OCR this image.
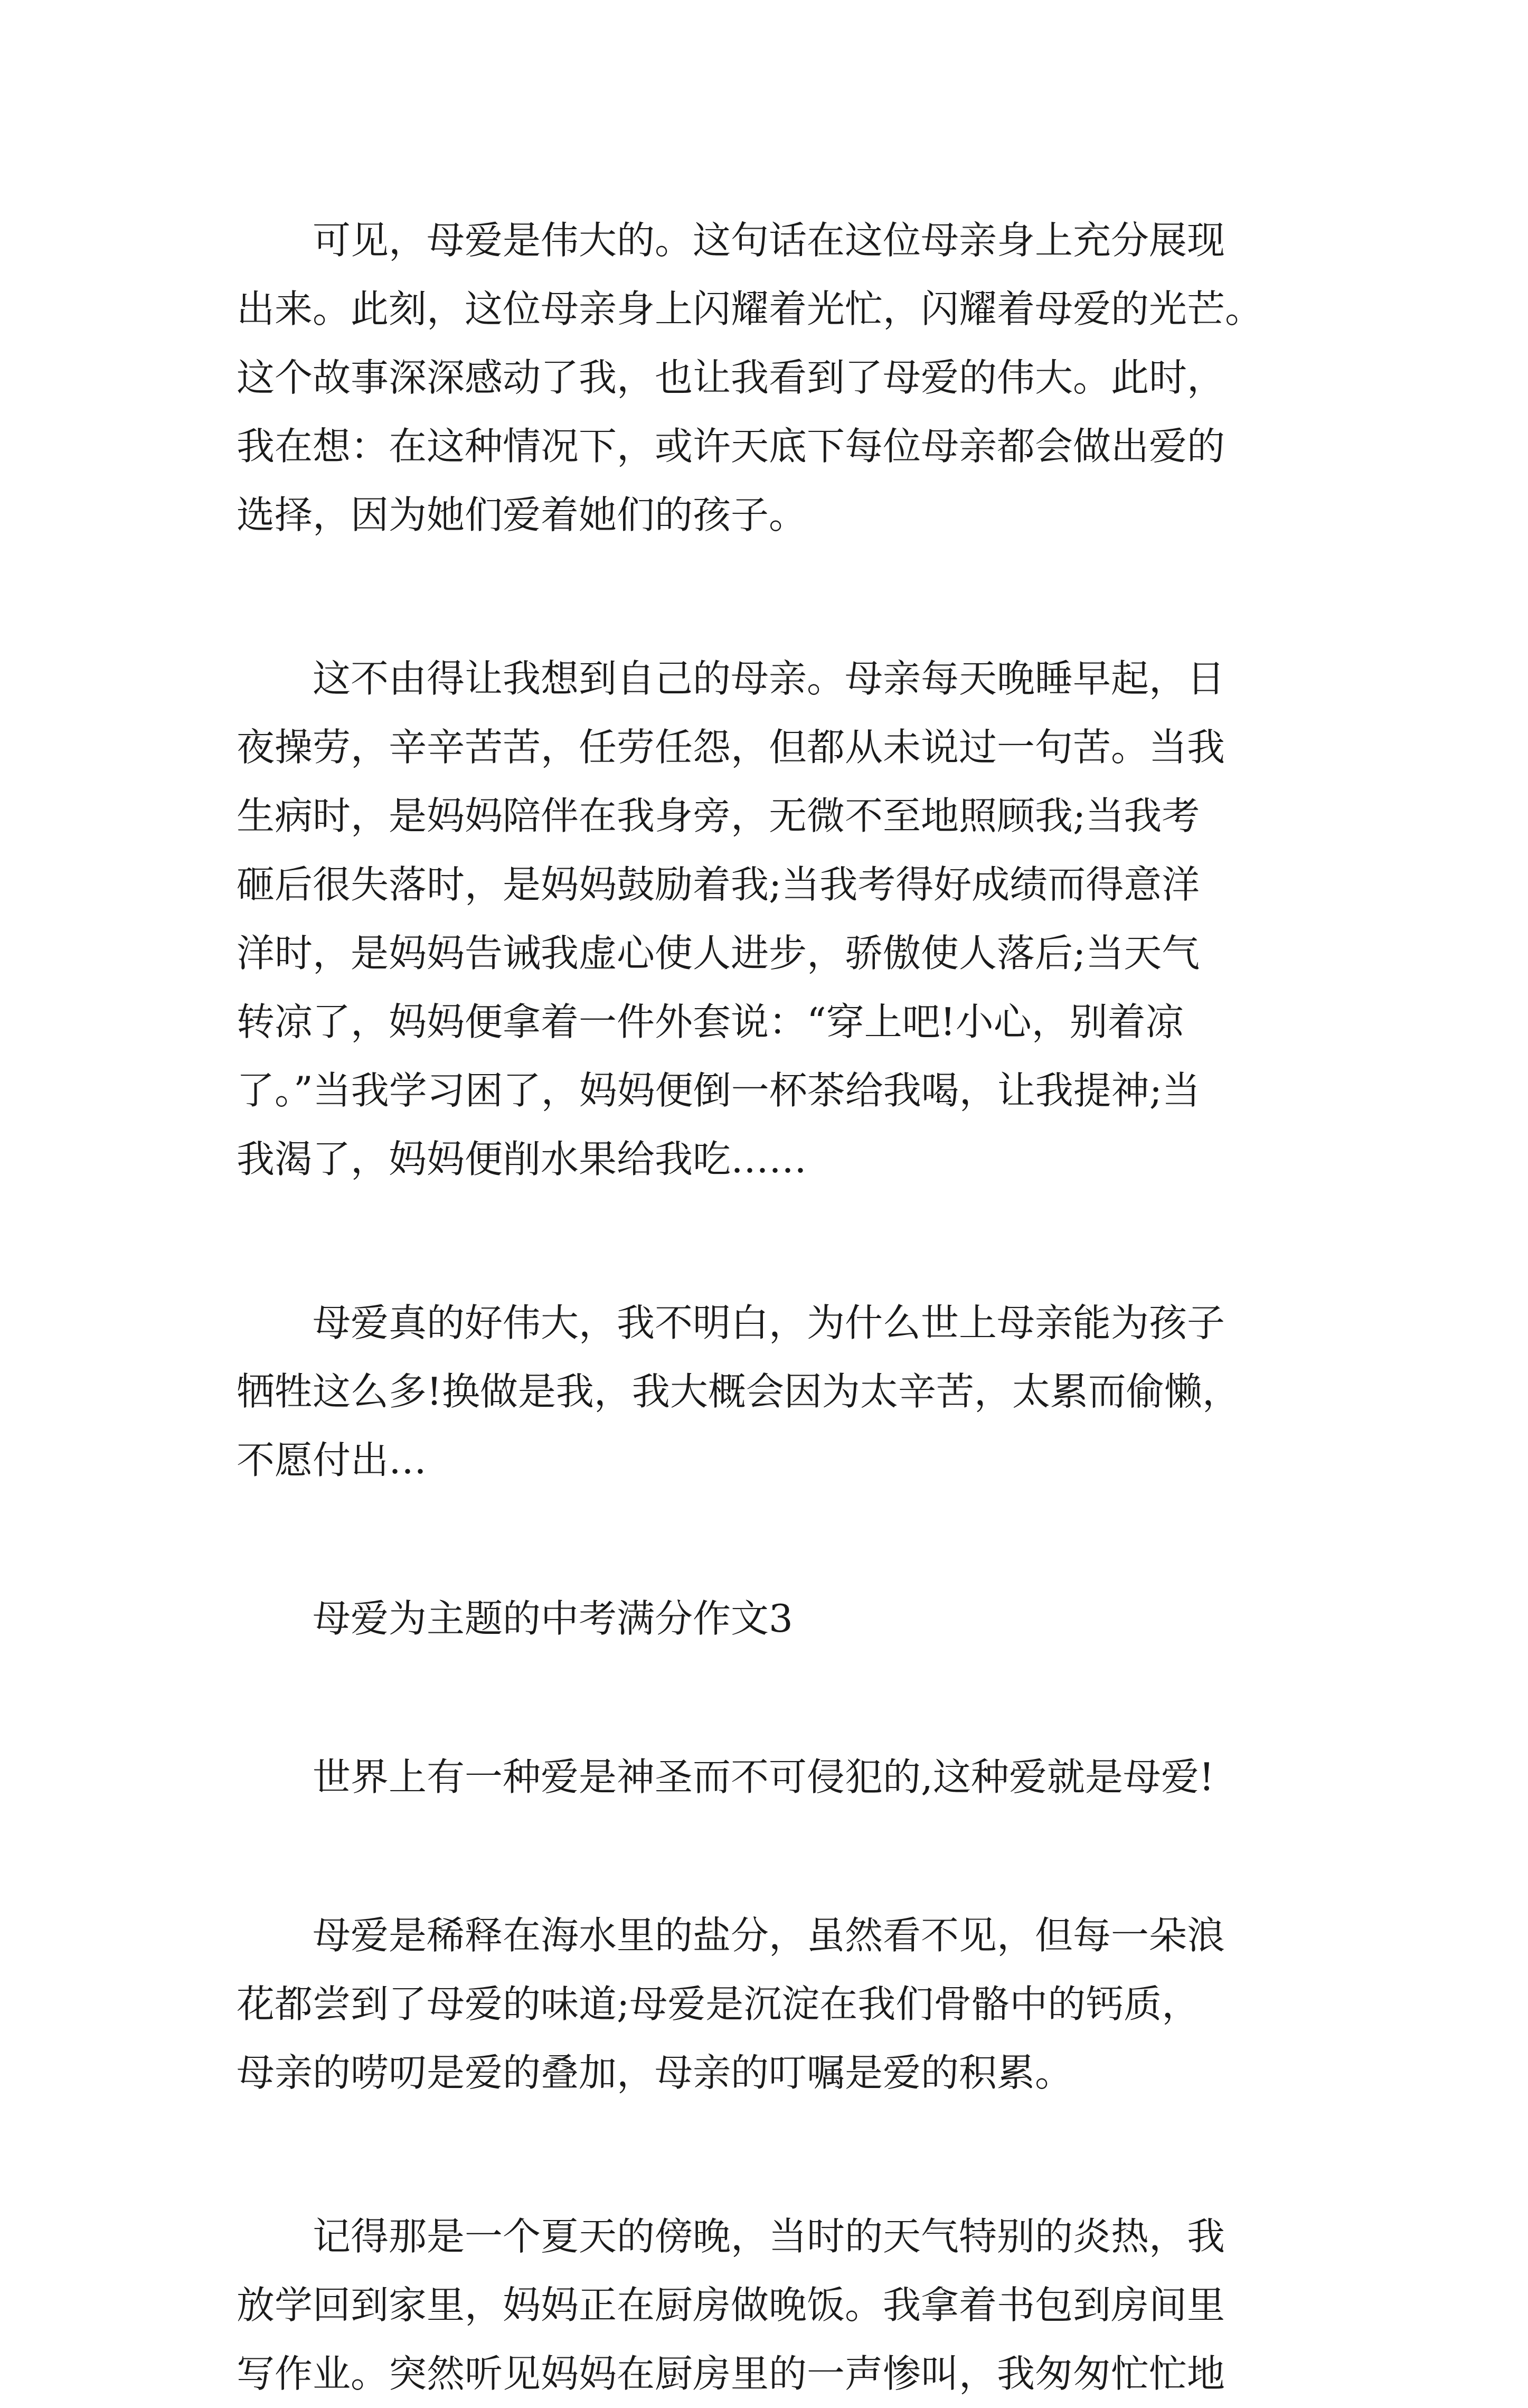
可见，母爱是伟大的。这句话在这位母亲身上充分展现
出来。此刻，这位母亲身上闪耀着光忙，闪耀着母爱的光芒。
这个故事深深感动了我，也让我看到了母爱的伟大。此时，
我在想：在这种情况下，或许天底下每位母亲都会做出爱的
选择，因为她们爱着她们的孩子。
这不由得让我想到自己的母亲。母亲每天晚睡早起，日
夜操劳，辛辛苦苦，任劳任怨，但都从未说过一句苦。当我
生病时，是妈妈陪伴在我身旁，无微不至地照顾我;当我考
砸后很失落时，是妈妈鼓励着我;当我考得好成绩而得意洋
洋时，是妈妈告诫我虚心使人进步，骄傲使人落后;当天气
转凉了，妈妈便拿着一件外套说：“穿上吧!小心，别着凉
了。”当我学习困了，妈妈便倒一杯茶给我喝，让我提神;当
我渴了，妈妈便削水果给我吃……
母爱真的好伟大，我不明白，为什么世上母亲能为孩子
牺牲这么多!换做是我，我大概会因为太辛苦，太累而偷懒，
不愿付出…
母爱为主题的中考满分作文3
世界上有一种爱是神圣而不可侵犯的,这种爱就是母爱!
母爱是稀释在海水里的盐分，虽然看不见，但每一朵浪
花都尝到了母爱的味道;母爱是沉淀在我们骨骼中的钙质，
母亲的唠叨是爱的叠加，母亲的叮嘱是爱的积累。
记得那是一个夏天的傍晚，当时的天气特别的炎热，我
放学回到家里，妈妈正在厨房做晚饭。我拿着书包到房间里
写作业。突然听见妈妈在厨房里的一声惨叫，我匆匆忙忙地
